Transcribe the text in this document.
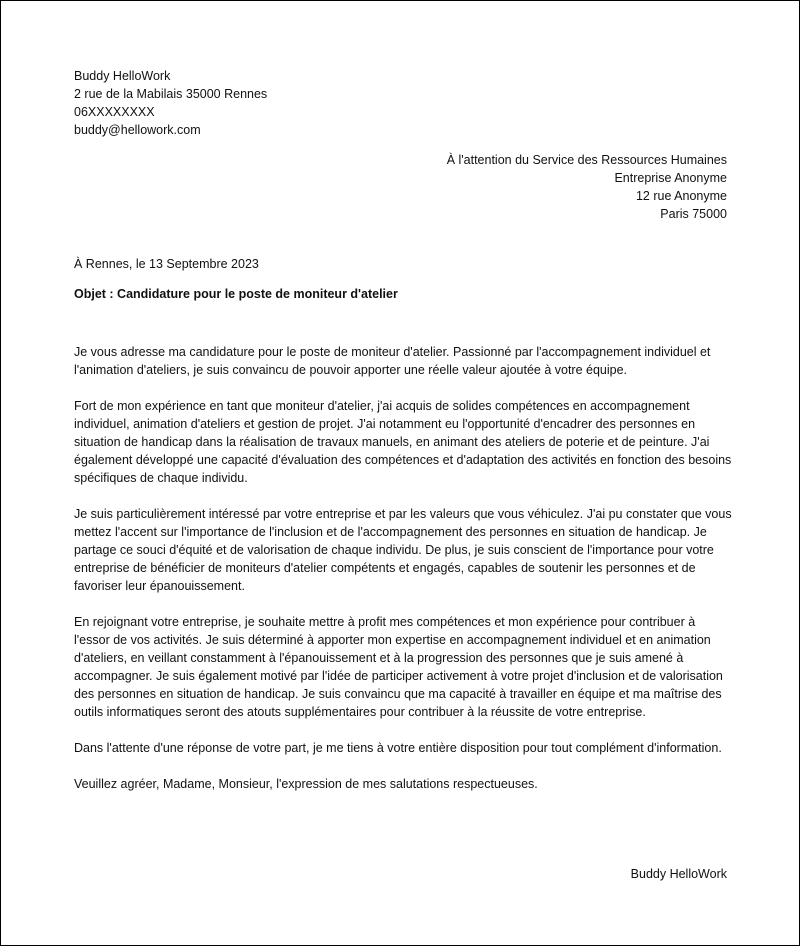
Buddy HelloWork
2 rue de la Mabilais 35000 Rennes
06XXXXXXXX
buddy@hellowork.com
À l'attention du Service des Ressources Humaines
Entreprise Anonyme
12 rue Anonyme
Paris 75000
À Rennes, le 13 Septembre 2023
Objet : Candidature pour le poste de moniteur d'atelier

Je vous adresse ma candidature pour le poste de moniteur d'atelier. Passionné par l'accompagnement individuel et l'animation d'ateliers, je suis convaincu de pouvoir apporter une réelle valeur ajoutée à votre équipe.

Fort de mon expérience en tant que moniteur d'atelier, j'ai acquis de solides compétences en accompagnement individuel, animation d'ateliers et gestion de projet. J'ai notamment eu l'opportunité d'encadrer des personnes en situation de handicap dans la réalisation de travaux manuels, en animant des ateliers de poterie et de peinture. J'ai également développé une capacité d'évaluation des compétences et d'adaptation des activités en fonction des besoins spécifiques de chaque individu.

Je suis particulièrement intéressé par votre entreprise et par les valeurs que vous véhiculez. J'ai pu constater que vous mettez l'accent sur l'importance de l'inclusion et de l'accompagnement des personnes en situation de handicap. Je partage ce souci d'équité et de valorisation de chaque individu. De plus, je suis conscient de l'importance pour votre entreprise de bénéficier de moniteurs d'atelier compétents et engagés, capables de soutenir les personnes et de favoriser leur épanouissement.

En rejoignant votre entreprise, je souhaite mettre à profit mes compétences et mon expérience pour contribuer à l'essor de vos activités. Je suis déterminé à apporter mon expertise en accompagnement individuel et en animation d'ateliers, en veillant constamment à l'épanouissement et à la progression des personnes que je suis amené à accompagner. Je suis également motivé par l'idée de participer activement à votre projet d'inclusion et de valorisation des personnes en situation de handicap. Je suis convaincu que ma capacité à travailler en équipe et ma maîtrise des outils informatiques seront des atouts supplémentaires pour contribuer à la réussite de votre entreprise.

Dans l'attente d'une réponse de votre part, je me tiens à votre entière disposition pour tout complément d'information.

Veuillez agréer, Madame, Monsieur, l'expression de mes salutations respectueuses.

Buddy HelloWork
